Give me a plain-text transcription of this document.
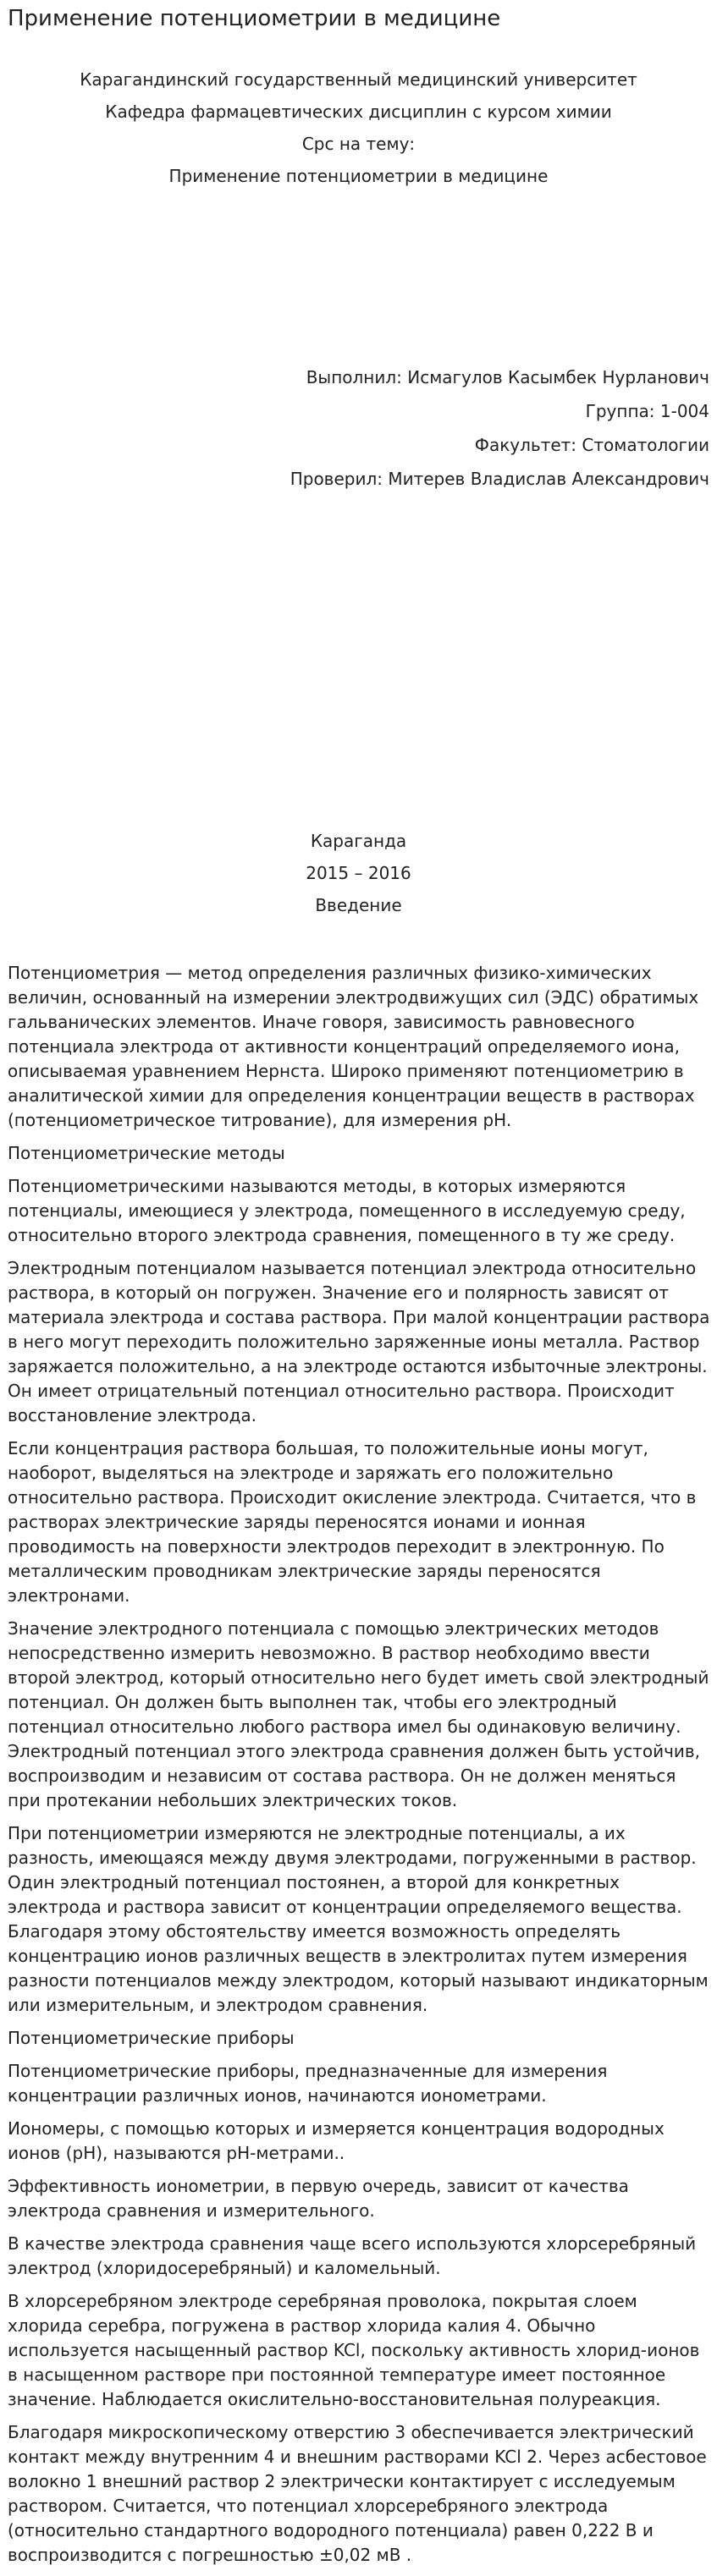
Применение потенциометрии в медицине
Карагандинский государственный медицинский университет
Кафедра фармацевтических дисциплин с курсом химии
Срс на тему:
Применение потенциометрии в медицине
Выполнил: Исмагулов Касымбек Нурланович
Группа: 1-004
Факультет: Стоматологии
Проверил: Митерев Владислав Александрович
Караганда
2015 – 2016
Введение

Потенциометрия — метод определения различных физико-химических величин, основанный на измерении электродвижущих сил (ЭДС) обратимых гальванических элементов. Иначе говоря, зависимость равновесного потенциала электрода от активности концентраций определяемого иона, описываемая уравнением Нернста. Широко применяют потенциометрию в аналитической химии для определения концентрации веществ в растворах (потенциометрическое титрование), для измерения pH.

Потенциометрические методы

Потенциометрическими называются методы, в которых измеряются потенциалы, имеющиеся у электрода, помещенного в исследуемую среду, относительно второго электрода сравнения, помещенного в ту же среду.

Электродным потенциалом называется потенциал электрода относительно раствора, в который он погружен. Значение его и полярность зависят от материала электрода и состава раствора. При малой концентрации раствора в него могут переходить положительно заряженные ионы металла. Раствор заряжается положительно, а на электроде остаются избыточные электроны. Он имеет отрицательный потенциал относительно раствора. Происходит восстановление электрода.

Если концентрация раствора большая, то положительные ионы могут, наоборот, выделяться на электроде и заряжать его положительно относительно раствора. Происходит окисление электрода. Считается, что в растворах электрические заряды переносятся ионами и ионная проводимость на поверхности электродов переходит в электронную. По металлическим проводникам электрические заряды переносятся электронами.

Значение электродного потенциала с помощью электрических методов непосредственно измерить невозможно. В раствор необходимо ввести второй электрод, который относительно него будет иметь свой электродный потенциал. Он должен быть выполнен так, чтобы его электродный потенциал относительно любого раствора имел бы одинаковую величину. Электродный потенциал этого электрода сравнения должен быть устойчив, воспроизводим и независим от состава раствора. Он не должен меняться при протекании небольших электрических токов.

При потенциометрии измеряются не электродные потенциалы, а их разность, имеющаяся между двумя электродами, погруженными в раствор. Один электродный потенциал постоянен, а второй для конкретных электрода и раствора зависит от концентрации определяемого вещества. Благодаря этому обстоятельству имеется возможность определять концентрацию ионов различных веществ в электролитах путем измерения разности потенциалов между электродом, который называют индикаторным или измерительным, и электродом сравнения.

Потенциометрические приборы

Потенциометрические приборы, предназначенные для измерения концентрации различных ионов, начинаются ионометрами.

Иономеры, с помощью которых и измеряется концентрация водородных ионов (pH), называются pH-метрами..

Эффективность ионометрии, в первую очередь, зависит от качества электрода сравнения и измерительного.

В качестве электрода сравнения чаще всего используются хлорсеребряный электрод (хлоридосеребряный) и каломельный.

В хлорсеребряном электроде серебряная проволока, покрытая слоем хлорида серебра, погружена в раствор хлорида калия 4. Обычно используется насыщенный раствор KCl, поскольку активность хлорид-ионов в насыщенном растворе при постоянной температуре имеет постоянное значение. Наблюдается окислительно-восстановительная полуреакция.

Благодаря микроскопическому отверстию 3 обеспечивается электрический контакт между внутренним 4 и внешним растворами KCl 2. Через асбестовое волокно 1 внешний раствор 2 электрически контактирует с исследуемым раствором. Считается, что потенциал хлорсеребряного электрода (относительно стандартного водородного потенциала) равен 0,222 В и воспроизводится с погрешностью ±0,02 мВ .
